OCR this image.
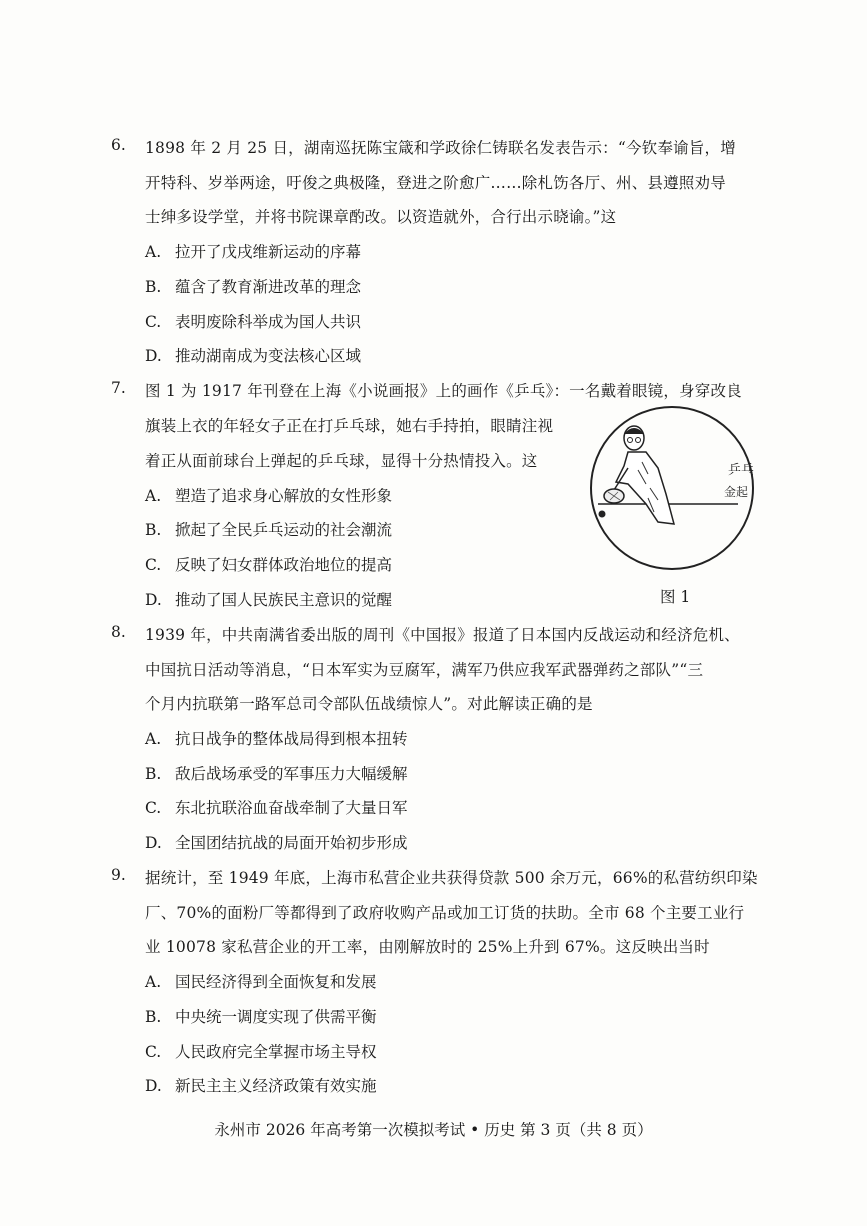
6. 1898 年 2 月 25 日，湖南巡抚陈宝箴和学政徐仁铸联名发表告示：“今钦奉谕旨，增
开特科、岁举两途，吁俊之典极隆，登进之阶愈广……除札饬各厅、州、县遵照劝导
士绅多设学堂，并将书院课章酌改。以资造就外，合行出示晓谕。”这
A. 拉开了戊戌维新运动的序幕
B. 蕴含了教育渐进改革的理念
C. 表明废除科举成为国人共识
D. 推动湖南成为变法核心区域
7. 图 1 为 1917 年刊登在上海《小说画报》上的画作《乒乓》：一名戴着眼镜，身穿改良
旗装上衣的年轻女子正在打乒乓球，她右手持拍，眼睛注视
着正从面前球台上弹起的乒乓球，显得十分热情投入。这
A. 塑造了追求身心解放的女性形象
B. 掀起了全民乒乓运动的社会潮流
C. 反映了妇女群体政治地位的提高
D. 推动了国人民族民主意识的觉醒
乒乓
金起
图 1
8. 1939 年，中共南满省委出版的周刊《中国报》报道了日本国内反战运动和经济危机、
中国抗日活动等消息，“日本军实为豆腐军，满军乃供应我军武器弹药之部队”“三
个月内抗联第一路军总司令部队伍战绩惊人”。对此解读正确的是
A. 抗日战争的整体战局得到根本扭转
B. 敌后战场承受的军事压力大幅缓解
C. 东北抗联浴血奋战牵制了大量日军
D. 全国团结抗战的局面开始初步形成
9. 据统计，至 1949 年底，上海市私营企业共获得贷款 500 余万元，66%的私营纺织印染
厂、70%的面粉厂等都得到了政府收购产品或加工订货的扶助。全市 68 个主要工业行
业 10078 家私营企业的开工率，由刚解放时的 25%上升到 67%。这反映出当时
A. 国民经济得到全面恢复和发展
B. 中央统一调度实现了供需平衡
C. 人民政府完全掌握市场主导权
D. 新民主主义经济政策有效实施
永州市 2026 年高考第一次模拟考试 • 历史 第 3 页（共 8 页）
